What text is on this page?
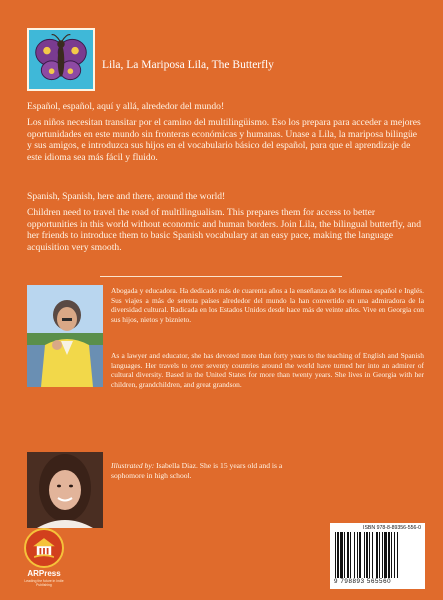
Lila, La Mariposa Lila, The Butterfly

Español, español, aquí y allá, alrededor del mundo!

Los niños necesitan transitar por el camino del multilingüismo. Eso los prepara para acceder a mejores oportunidades en este mundo sin fronteras económicas y humanas. Unase a Lila, la mariposa bilingüe y sus amigos, e introduzca sus hijos en el vocabulario básico del español, para que el aprendizaje de este idioma sea más fácil y fluido.

Spanish, Spanish, here and there, around the world!

Children need to travel the road of multilingualism. This prepares them for access to better opportunities in this world without economic and human borders. Join Lila, the bilingual butterfly, and her friends to introduce them to basic Spanish vocabulary at an easy pace, making the language acquisition very smooth.

Abogada y educadora. Ha dedicado más de cuarenta años a la enseñanza de los idiomas español e Inglés. Sus viajes a más de setenta países alrededor del mundo la han convertido en una admiradora de la diversidad cultural. Radicada en los Estados Unidos desde hace más de veinte años. Vive en Georgia con sus hijos, nietos y biznieto.

As a lawyer and educator, she has devoted more than forty years to the teaching of English and Spanish languages. Her travels to over seventy countries around the world have turned her into an admirer of cultural diversity. Based in the United States for more than twenty years. She lives in Georgia with her children, grandchildren, and great grandson.

Illustrated by: Isabella Diaz. She is 15 years old and is a sophomore in high school.

ARPress
Leading the future in Indie Publishing
ISBN 978-8-89356-556-0
9 798893 565560
